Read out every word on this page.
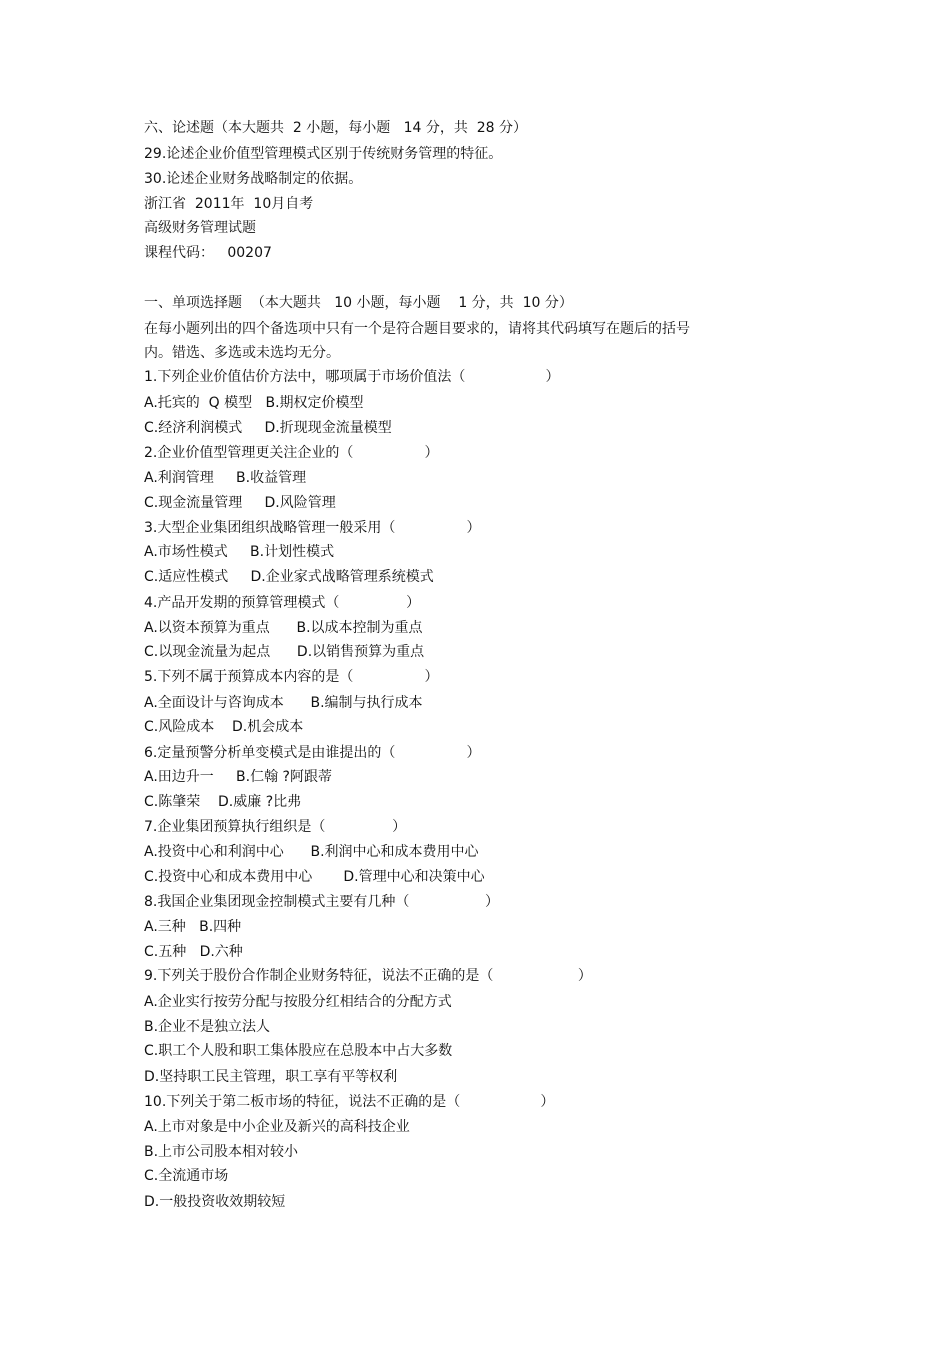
六、论述题（本大题共  2 小题，每小题   14 分，共  28 分）

29.论述企业价值型管理模式区别于传统财务管理的特征。

30.论述企业财务战略制定的依据。

浙江省  2011年  10月自考

高级财务管理试题

课程代码：   00207

一、单项选择题  （本大题共   10 小题，每小题    1 分，共  10 分）

在每小题列出的四个备选项中只有一个是符合题目要求的，请将其代码填写在题后的括号

内。错选、多选或未选均无分。

1.下列企业价值估价方法中，哪项属于市场价值法（                  ）

A.托宾的  Q 模型   B.期权定价模型

C.经济利润模式     D.折现现金流量模型

2.企业价值型管理更关注企业的（                ）

A.利润管理     B.收益管理

C.现金流量管理     D.风险管理

3.大型企业集团组织战略管理一般采用（                ）

A.市场性模式     B.计划性模式

C.适应性模式     D.企业家式战略管理系统模式

4.产品开发期的预算管理模式（               ）

A.以资本预算为重点      B.以成本控制为重点

C.以现金流量为起点      D.以销售预算为重点

5.下列不属于预算成本内容的是（                ）

A.全面设计与咨询成本      B.编制与执行成本

C.风险成本    D.机会成本

6.定量预警分析单变模式是由谁提出的（                ）

A.田边升一     B.仁翰 ?阿跟蒂

C.陈肇荣    D.威廉 ?比弗

7.企业集团预算执行组织是（               ）

A.投资中心和利润中心      B.利润中心和成本费用中心

C.投资中心和成本费用中心       D.管理中心和决策中心

8.我国企业集团现金控制模式主要有几种（                 ）

A.三种   B.四种

C.五种   D.六种

9.下列关于股份合作制企业财务特征，说法不正确的是（                   ）

A.企业实行按劳分配与按股分红相结合的分配方式

B.企业不是独立法人

C.职工个人股和职工集体股应在总股本中占大多数

D.坚持职工民主管理，职工享有平等权利

10.下列关于第二板市场的特征，说法不正确的是（                  ）

A.上市对象是中小企业及新兴的高科技企业

B.上市公司股本相对较小

C.全流通市场

D.一般投资收效期较短
